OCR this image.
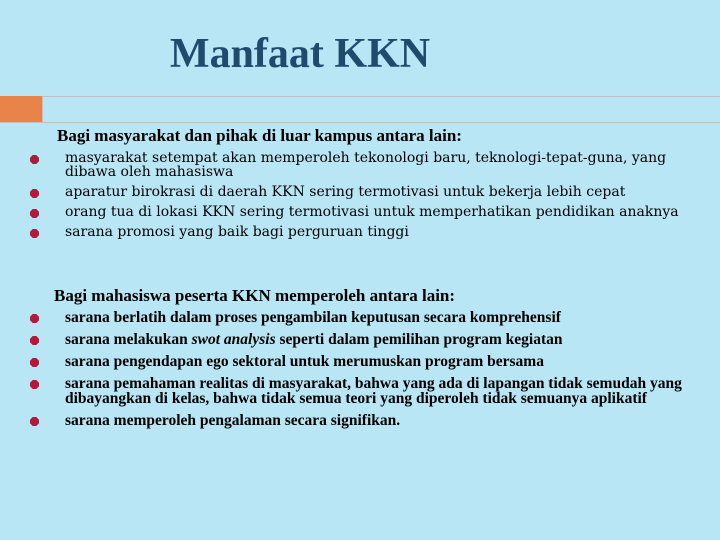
Manfaat KKN
Bagi masyarakat dan pihak di luar kampus antara lain:
masyarakat setempat akan memperoleh tekonologi baru, teknologi-tepat-guna, yang dibawa oleh mahasiswa
aparatur birokrasi di daerah KKN sering termotivasi untuk bekerja lebih cepat
orang tua di lokasi KKN sering termotivasi untuk memperhatikan pendidikan anaknya
sarana promosi yang baik bagi perguruan tinggi
Bagi mahasiswa peserta KKN memperoleh antara lain:
sarana berlatih dalam proses pengambilan keputusan secara komprehensif
sarana melakukan swot analysis seperti dalam pemilihan program kegiatan
sarana pengendapan ego sektoral untuk merumuskan program bersama
sarana pemahaman realitas di masyarakat, bahwa yang ada di lapangan tidak semudah yang dibayangkan di kelas, bahwa tidak semua teori yang diperoleh tidak semuanya aplikatif
sarana memperoleh pengalaman secara signifikan.
